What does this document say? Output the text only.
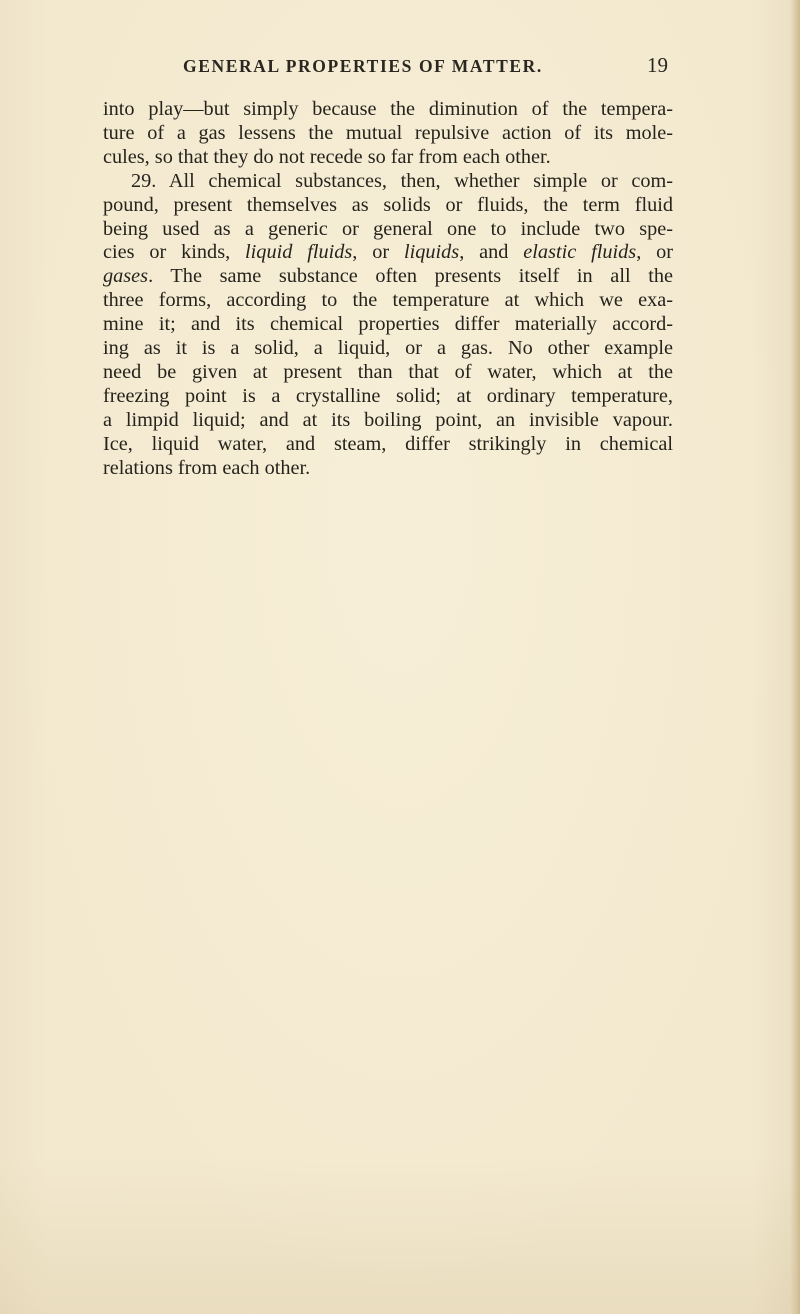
GENERAL PROPERTIES OF MATTER.	19
into play—but simply because the diminution of the tempera-
ture of a gas lessens the mutual repulsive action of its mole-
cules, so that they do not recede so far from each other.
29. All chemical substances, then, whether simple or com-
pound, present themselves as solids or fluids, the term fluid
being used as a generic or general one to include two spe-
cies or kinds, liquid fluids, or liquids, and elastic fluids, or
gases. The same substance often presents itself in all the
three forms, according to the temperature at which we exa-
mine it; and its chemical properties differ materially accord-
ing as it is a solid, a liquid, or a gas. No other example
need be given at present than that of water, which at the
freezing point is a crystalline solid; at ordinary temperature,
a limpid liquid; and at its boiling point, an invisible vapour.
Ice, liquid water, and steam, differ strikingly in chemical
relations from each other.
